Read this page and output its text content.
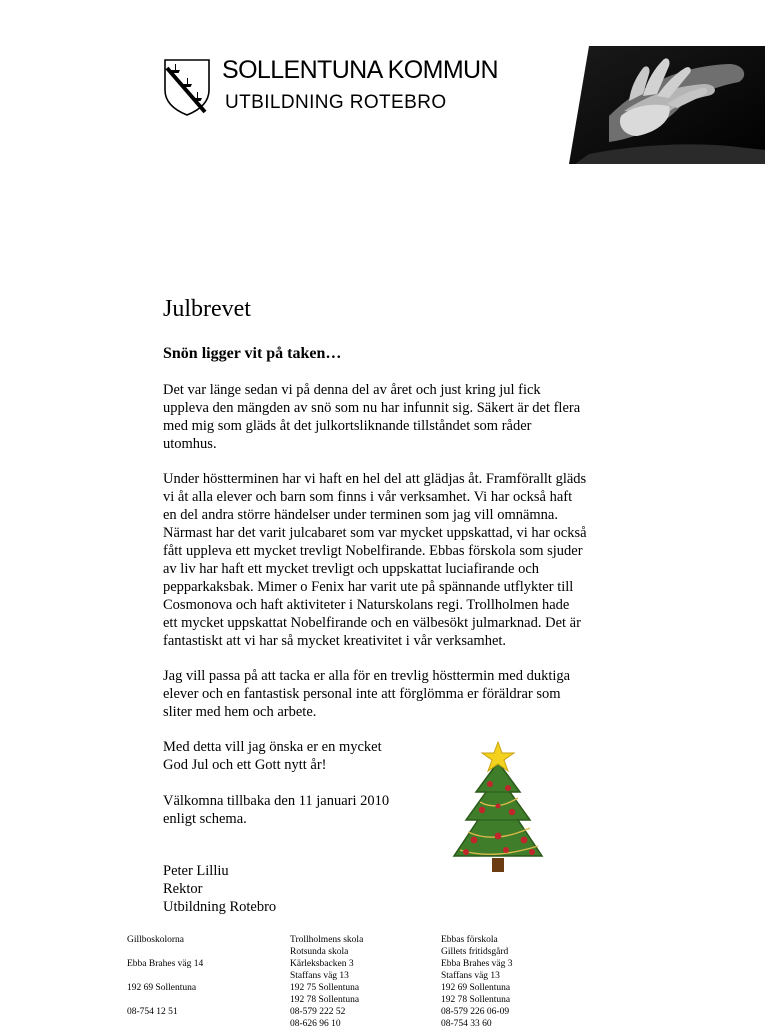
SOLLENTUNA KOMMUN
UTBILDNING ROTEBRO
Julbrevet
Snön ligger vit på taken…

Det var länge sedan vi på denna del av året och just kring jul fick
uppleva den mängden av snö som nu har infunnit sig. Säkert är det flera
med mig som gläds åt det julkortsliknande tillståndet som råder
utomhus.

Under höstterminen har vi haft en hel del att glädjas åt. Framförallt gläds
vi åt alla elever och barn som finns i vår verksamhet. Vi har också haft
en del andra större händelser under terminen som jag vill omnämna.
Närmast har det varit julcabaret som var mycket uppskattad, vi har också
fått uppleva ett mycket trevligt Nobelfirande. Ebbas förskola som sjuder
av liv har haft ett mycket trevligt och uppskattat luciafirande och
pepparkaksbak. Mimer o Fenix har varit ute på spännande utflykter till
Cosmonova och haft aktiviteter i Naturskolans regi. Trollholmen hade
ett mycket uppskattat Nobelfirande och en välbesökt julmarknad. Det är
fantastiskt att vi har så mycket kreativitet i vår verksamhet.

Jag vill passa på att tacka er alla för en trevlig hösttermin med duktiga
elever och en fantastisk personal inte att förglömma er föräldrar som
sliter med hem och arbete.

Med detta vill jag önska er en mycket
God Jul och ett Gott nytt år!

Välkomna tillbaka den 11 januari 2010
enligt schema.

Peter Lilliu
Rektor
Utbildning Rotebro

Gillboskolorna
Ebba Brahes väg 14
192 69 Sollentuna
08-754 12 51
Trollholmens skola
Rotsunda skola
Kärleksbacken 3
Staffans väg 13
192 75 Sollentuna
192 78 Sollentuna
08-579 222 52
08-626 96 10
Ebbas förskola
Gillets fritidsgård
Ebba Brahes väg 3
Staffans väg 13
192 69 Sollentuna
192 78 Sollentuna
08-579 226 06-09
08-754 33 60
